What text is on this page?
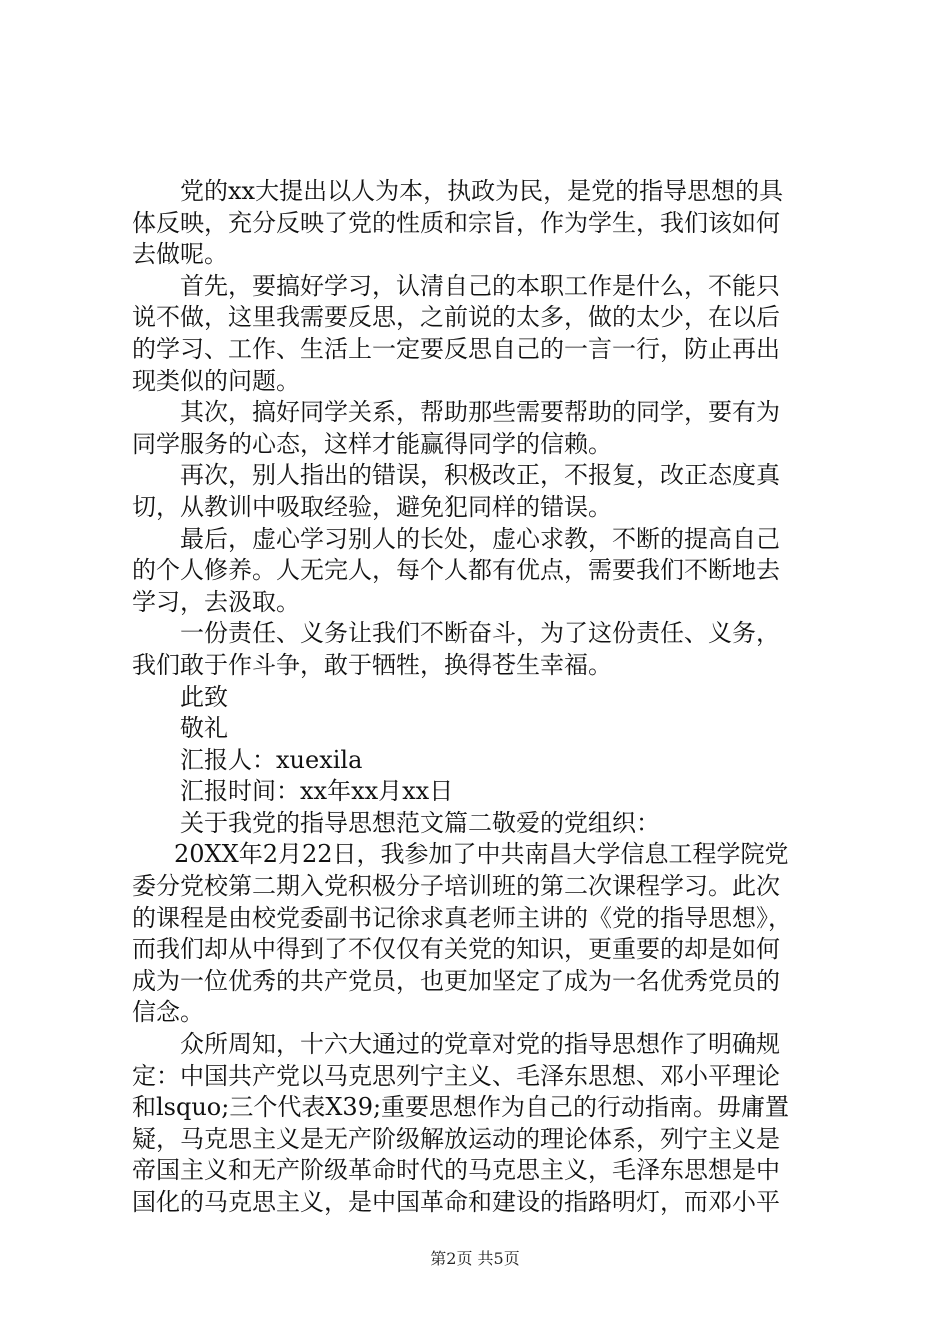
党的xx大提出以人为本，执政为民，是党的指导思想的具
体反映，充分反映了党的性质和宗旨，作为学生，我们该如何
去做呢。
首先，要搞好学习，认清自己的本职工作是什么，不能只
说不做，这里我需要反思，之前说的太多，做的太少，在以后
的学习、工作、生活上一定要反思自己的一言一行，防止再出
现类似的问题。
其次，搞好同学关系，帮助那些需要帮助的同学，要有为
同学服务的心态，这样才能赢得同学的信赖。
再次，别人指出的错误，积极改正，不报复，改正态度真
切，从教训中吸取经验，避免犯同样的错误。
最后，虚心学习别人的长处，虚心求教，不断的提高自己
的个人修养。人无完人，每个人都有优点，需要我们不断地去
学习，去汲取。
一份责任、义务让我们不断奋斗，为了这份责任、义务，
我们敢于作斗争，敢于牺牲，换得苍生幸福。
此致
敬礼
汇报人：xuexila
汇报时间：xx年xx月xx日
关于我党的指导思想范文篇二敬爱的党组织：
20XX年2月22日，我参加了中共南昌大学信息工程学院党
委分党校第二期入党积极分子培训班的第二次课程学习。此次
的课程是由校党委副书记徐求真老师主讲的《党的指导思想》，
而我们却从中得到了不仅仅有关党的知识，更重要的却是如何
成为一位优秀的共产党员，也更加坚定了成为一名优秀党员的
信念。
众所周知，十六大通过的党章对党的指导思想作了明确规
定：中国共产党以马克思列宁主义、毛泽东思想、邓小平理论
和lsquo;三个代表X39;重要思想作为自己的行动指南。毋庸置
疑，马克思主义是无产阶级解放运动的理论体系，列宁主义是
帝国主义和无产阶级革命时代的马克思主义，毛泽东思想是中
国化的马克思主义，是中国革命和建设的指路明灯，而邓小平
第2页 共5页
